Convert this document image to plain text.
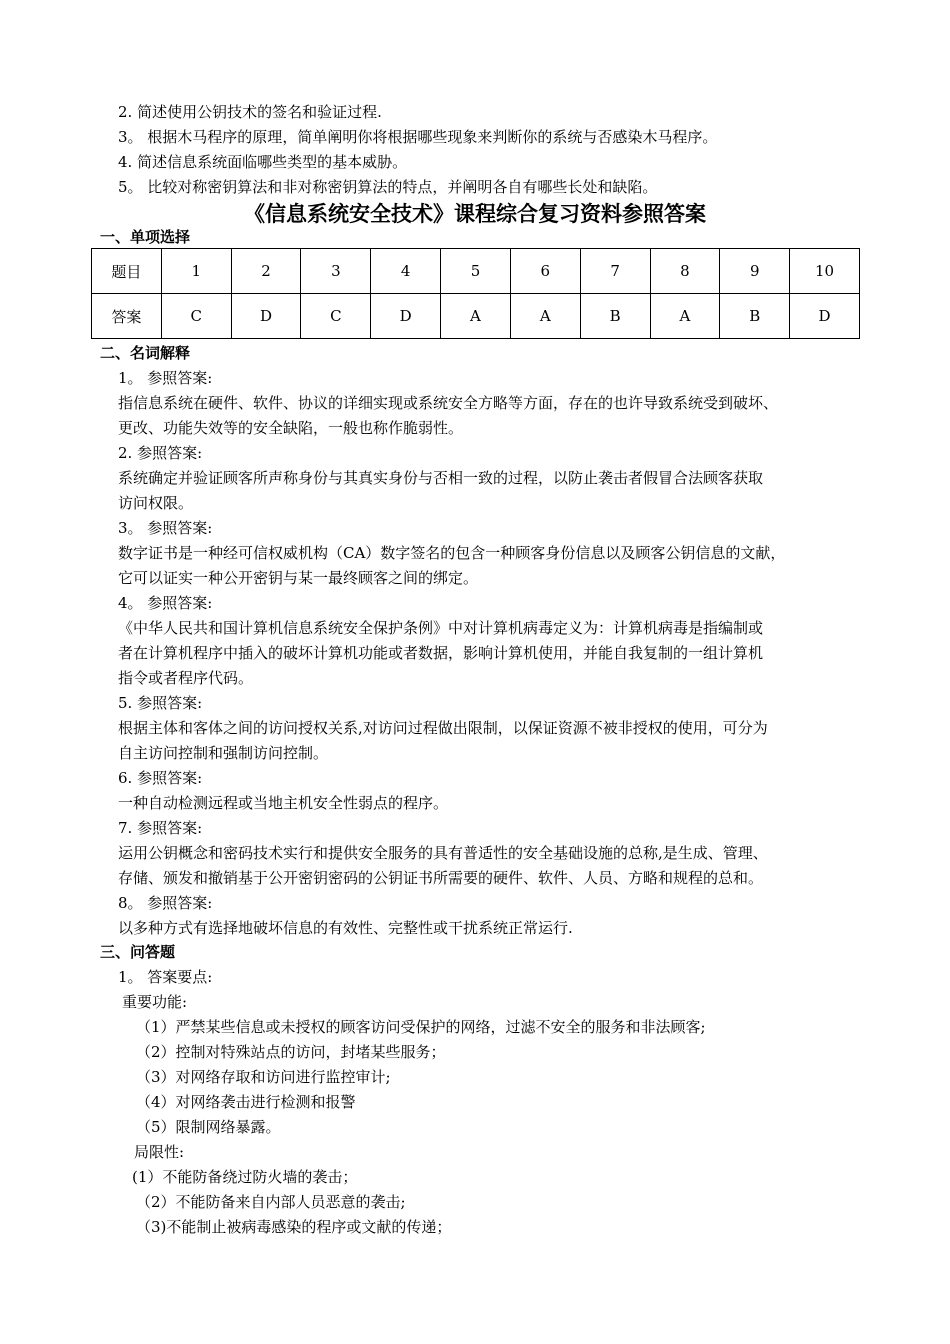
2. 简述使用公钥技术的签名和验证过程.
3。 根据木马程序的原理，简单阐明你将根据哪些现象来判断你的系统与否感染木马程序。
4. 简述信息系统面临哪些类型的基本威胁。
5。 比较对称密钥算法和非对称密钥算法的特点，并阐明各自有哪些长处和缺陷。
《信息系统安全技术》课程综合复习资料参照答案
一、单项选择
题目	1	2	3	4	5	6	7	8	9	10
答案	C	D	C	D	A	A	B	A	B	D
二、名词解释
1。 参照答案:
指信息系统在硬件、软件、协议的详细实现或系统安全方略等方面，存在的也许导致系统受到破坏、
更改、功能失效等的安全缺陷，一般也称作脆弱性。
2. 参照答案:
系统确定并验证顾客所声称身份与其真实身份与否相一致的过程，以防止袭击者假冒合法顾客获取
访问权限。
3。 参照答案:
数字证书是一种经可信权威机构（CA）数字签名的包含一种顾客身份信息以及顾客公钥信息的文献，
它可以证实一种公开密钥与某一最终顾客之间的绑定。
4。 参照答案:
《中华人民共和国计算机信息系统安全保护条例》中对计算机病毒定义为：计算机病毒是指编制或
者在计算机程序中插入的破坏计算机功能或者数据，影响计算机使用，并能自我复制的一组计算机
指令或者程序代码。
5. 参照答案:
根据主体和客体之间的访问授权关系,对访问过程做出限制，以保证资源不被非授权的使用，可分为
自主访问控制和强制访问控制。
6. 参照答案:
一种自动检测远程或当地主机安全性弱点的程序。
7. 参照答案:
运用公钥概念和密码技术实行和提供安全服务的具有普适性的安全基础设施的总称,是生成、管理、
存储、颁发和撤销基于公开密钥密码的公钥证书所需要的硬件、软件、人员、方略和规程的总和。
8。 参照答案:
以多种方式有选择地破坏信息的有效性、完整性或干扰系统正常运行.
三、问答题
1。 答案要点:
重要功能:
（1）严禁某些信息或未授权的顾客访问受保护的网络，过滤不安全的服务和非法顾客;
（2）控制对特殊站点的访问，封堵某些服务；
（3）对网络存取和访问进行监控审计;
（4）对网络袭击进行检测和报警
（5）限制网络暴露。
局限性:
(1）不能防备绕过防火墙的袭击；
（2）不能防备来自内部人员恶意的袭击;
（3)不能制止被病毒感染的程序或文献的传递；
